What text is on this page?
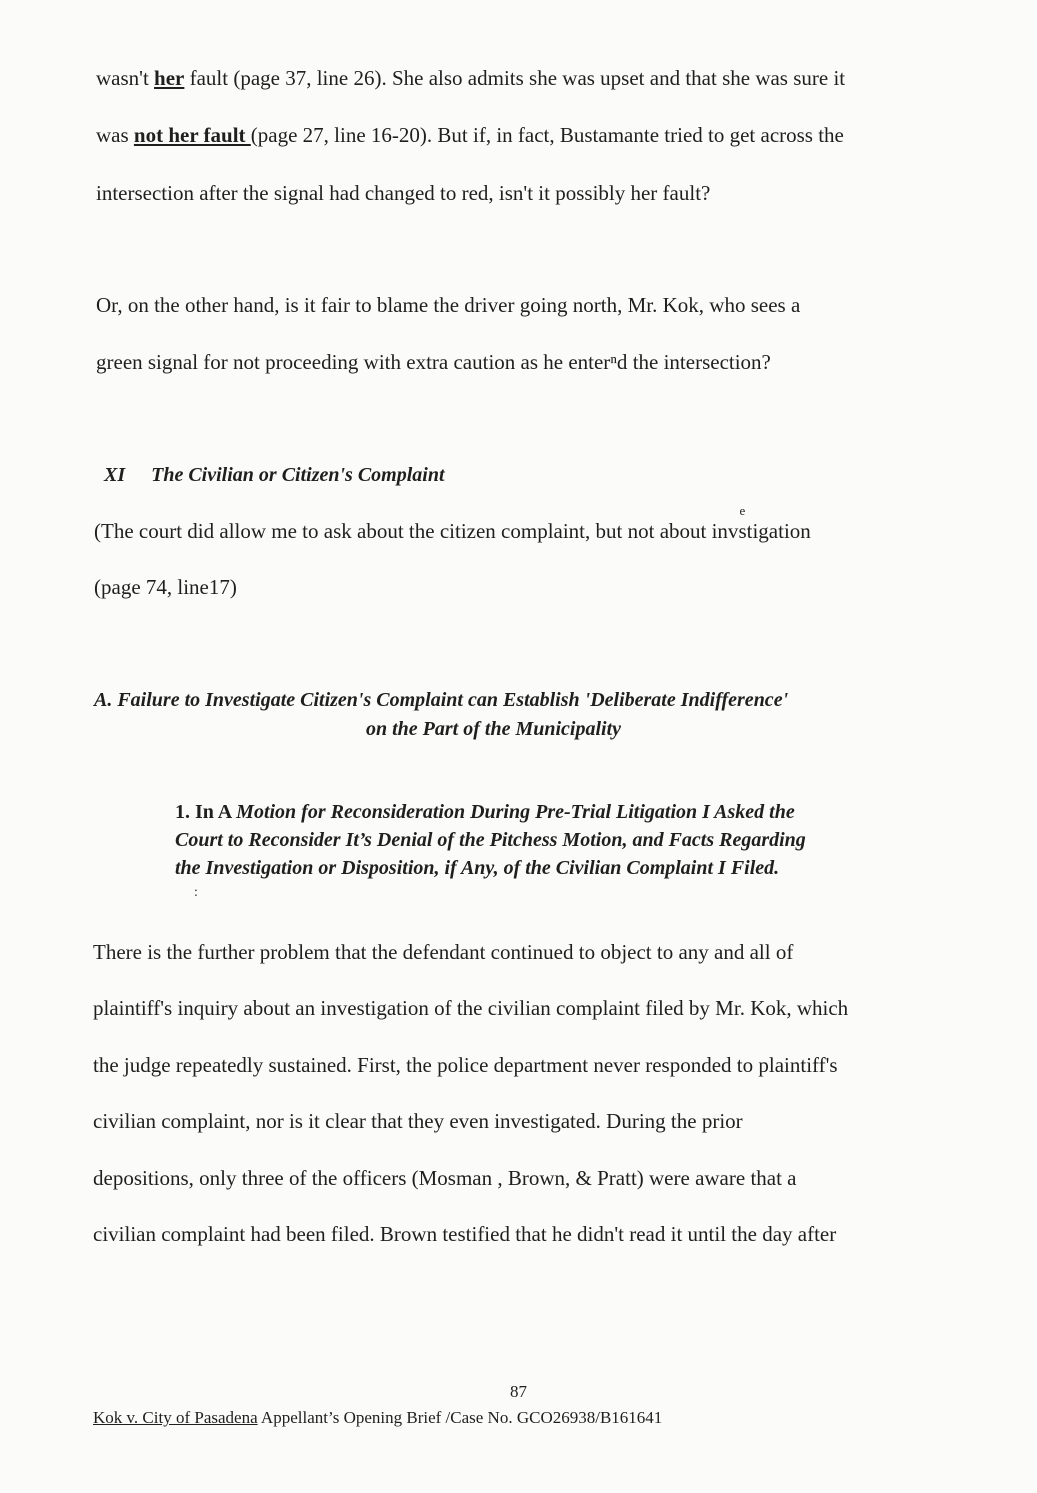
wasn't her fault (page 37, line 26). She also admits she was upset and that she was sure it
was not her fault (page 27, line 16-20). But if, in fact, Bustamante tried to get across the
intersection after the signal had changed to red, isn't it possibly her fault?
Or, on the other hand, is it fair to blame the driver going north, Mr. Kok, who sees a
green signal for not proceeding with extra caution as he enterⁿd the intersection?
XI The Civilian or Citizen's Complaint
(The court did allow me to ask about the citizen complaint, but not about inv
e
stigation
(page 74, line17)
A. Failure to Investigate Citizen's Complaint can Establish 'Deliberate Indifference'
on the Part of the Municipality
1. In A Motion for Reconsideration During Pre-Trial Litigation I Asked the
Court to Reconsider It’s Denial of the Pitchess Motion, and Facts Regarding
the Investigation or Disposition, if Any, of the Civilian Complaint I Filed.
:
There is the further problem that the defendant continued to object to any and all of
plaintiff's inquiry about an investigation of the civilian complaint filed by Mr. Kok, which
the judge repeatedly sustained. First, the police department never responded to plaintiff's
civilian complaint, nor is it clear that they even investigated. During the prior
depositions, only three of the officers (Mosman , Brown, & Pratt) were aware that a
civilian complaint had been filed. Brown testified that he didn't read it until the day after
87
Kok v. City of Pasadena Appellant’s Opening Brief /Case No. GCO26938/B161641
